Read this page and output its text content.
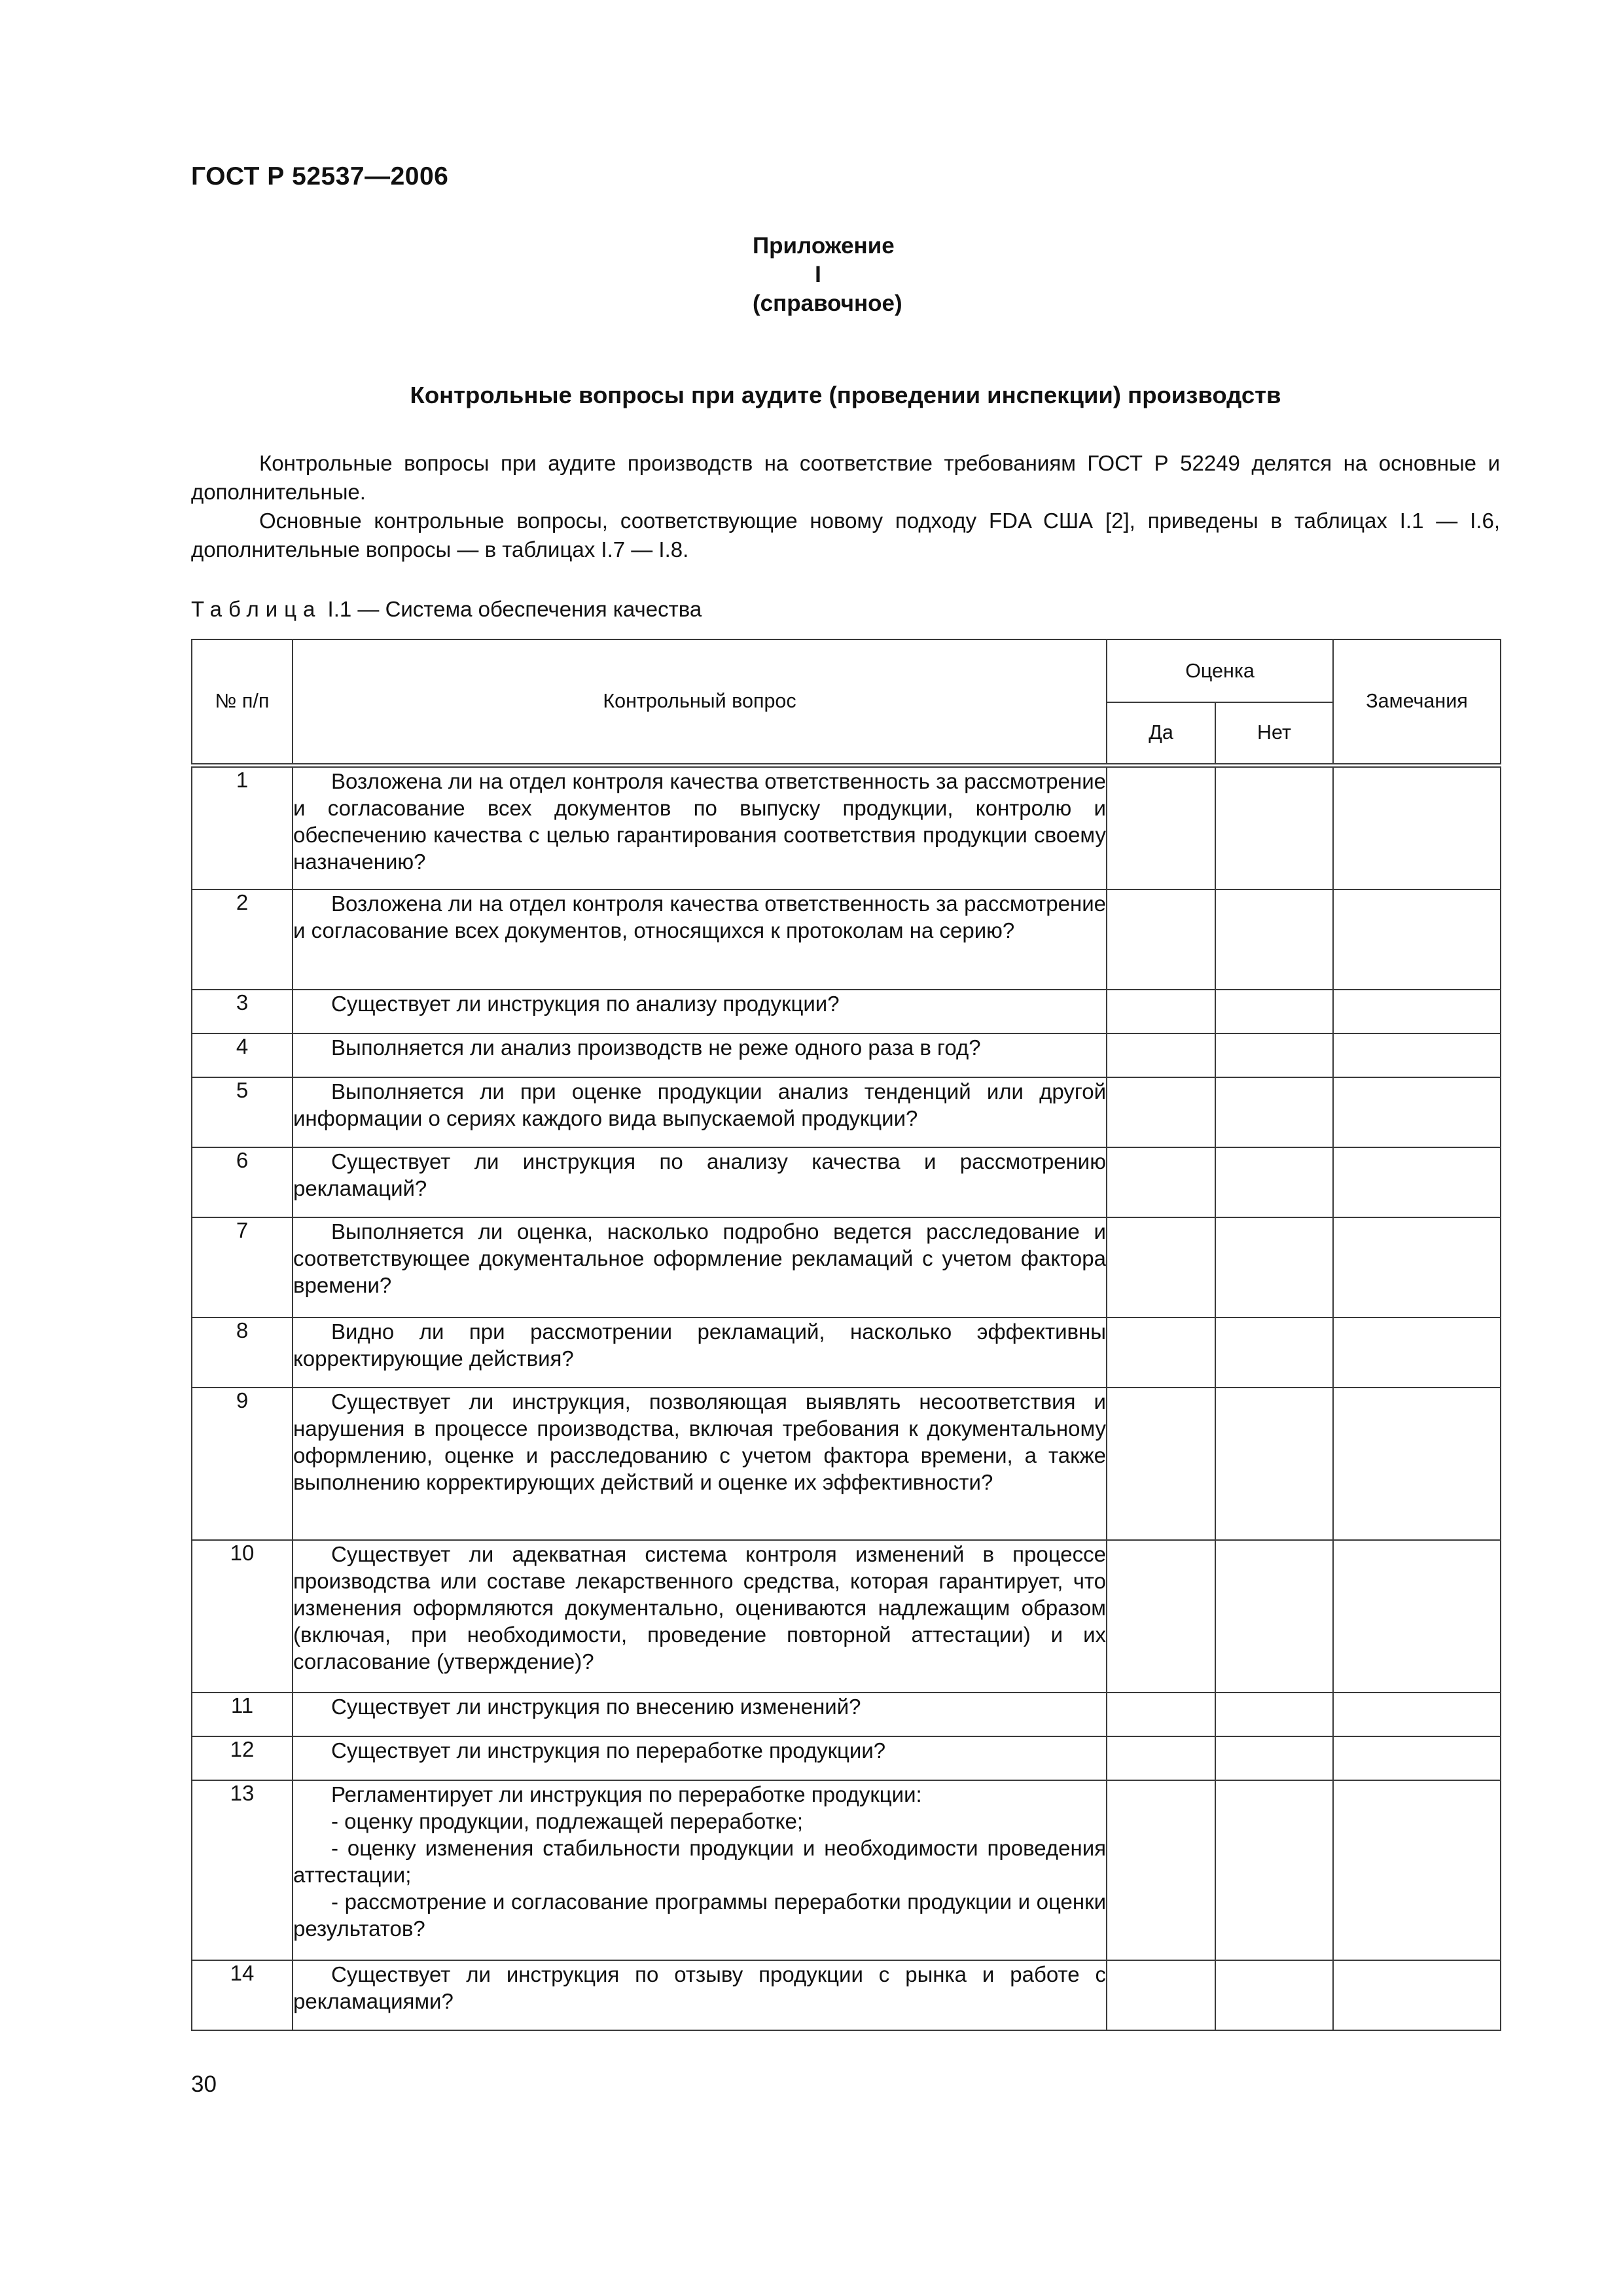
ГОСТ Р 52537—2006
Приложение I
(справочное)
Контрольные вопросы при аудите (проведении инспекции) производств

Контрольные вопросы при аудите производств на соответствие требованиям ГОСТ Р 52249 делятся на основные и дополнительные.

Основные контрольные вопросы, соответствующие новому подходу FDA США [2], приведены в таблицах I.1 — I.6, дополнительные вопросы — в таблицах I.7 — I.8.

Таблица I.1 — Система обеспечения качества
№ п/п	Контрольный вопрос	Оценка		Замечания
		Да	Нет	
1	Возложена ли на отдел контроля качества ответственность за рассмотрение и согласование всех документов по выпуску продукции, контролю и обеспечению качества с целью гарантирования соответствия продукции своему назначению?			

2	Возложена ли на отдел контроля качества ответственность за рассмотрение и согласование всех документов, относящихся к протоколам на серию?			

3	Существует ли инструкция по анализу продукции?			

4	Выполняется ли анализ производств не реже одного раза в год?			

5	Выполняется ли при оценке продукции анализ тенденций или другой информации о сериях каждого вида выпускаемой продукции?			

6	Существует ли инструкция по анализу качества и рассмотрению рекламаций?			

7	Выполняется ли оценка, насколько подробно ведется расследование и соответствующее документальное оформление рекламаций с учетом фактора времени?			

8	Видно ли при рассмотрении рекламаций, насколько эффективны корректирующие действия?			

9	Существует ли инструкция, позволяющая выявлять несоответствия и нарушения в процессе производства, включая требования к документальному оформлению, оценке и расследованию с учетом фактора времени, а также выполнению корректирующих действий и оценке их эффективности?			

10	Существует ли адекватная система контроля изменений в процессе производства или составе лекарственного средства, которая гарантирует, что изменения оформляются документально, оцениваются надлежащим образом (включая, при необходимости, проведение повторной аттестации) и их согласование (утверждение)?			

11	Существует ли инструкция по внесению изменений?			

12	Существует ли инструкция по переработке продукции?			

13	Регламентирует ли инструкция по переработке продукции:
- оценку продукции, подлежащей переработке;
- оценку изменения стабильности продукции и необходимости проведения аттестации;
- рассмотрение и согласование программы переработки продукции и оценки результатов?			

14	Существует ли инструкция по отзыву продукции с рынка и работе с рекламациями?			

30
